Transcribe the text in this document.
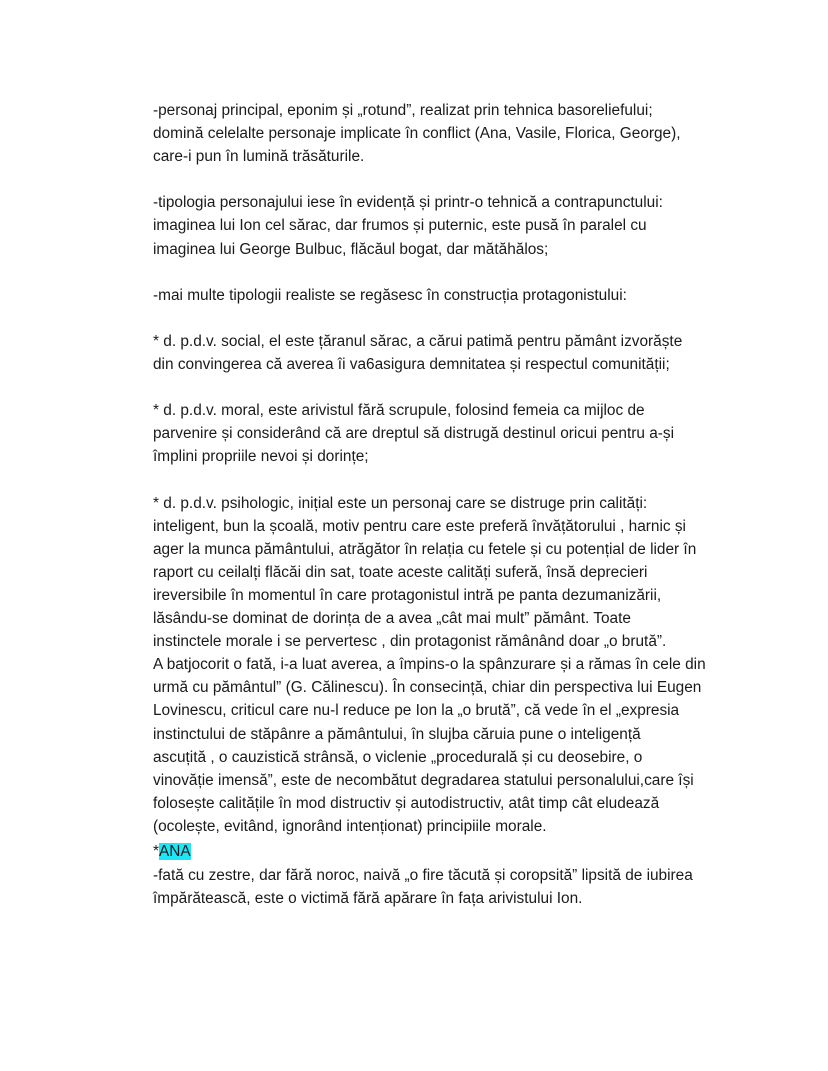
-personaj principal, eponim și „rotund”, realizat prin tehnica basoreliefului;
domină celelalte personaje implicate în conflict (Ana, Vasile, Florica, George),
care-i pun în lumină trăsăturile.
-tipologia personajului iese în evidență și printr-o tehnică a contrapunctului:
imaginea lui Ion cel sărac, dar frumos și puternic, este pusă în paralel cu
imaginea lui George Bulbuc, flăcăul bogat, dar mătăhălos;
-mai multe tipologii realiste se regăsesc în construcția protagonistului:
* d. p.d.v. social, el este țăranul sărac, a cărui patimă pentru pământ izvorăște
din convingerea că averea îi va6asigura demnitatea și respectul comunității;
* d. p.d.v. moral, este arivistul fără scrupule, folosind femeia ca mijloc de
parvenire și considerând că are dreptul să distrugă destinul oricui pentru a-și
împlini propriile nevoi și dorințe;
* d. p.d.v. psihologic, inițial este un personaj care se distruge prin calități:
inteligent, bun la școală, motiv pentru care este preferă învățătorului , harnic și
ager la munca pământului, atrăgător în relația cu fetele și cu potențial de lider în
raport cu ceilalți flăcăi din sat, toate aceste calități suferă, însă deprecieri
ireversibile în momentul în care protagonistul intră pe panta dezumanizării,
lăsându-se dominat de dorința de a avea „cât mai mult” pământ. Toate
instinctele morale i se pervertesc , din protagonist rămânând doar „o brută”.
A batjocorit o fată, i-a luat averea, a împins-o la spânzurare și a rămas în cele din
urmă cu pământul” (G. Călinescu). În consecință, chiar din perspectiva lui Eugen
Lovinescu, criticul care nu-l reduce pe Ion la „o brută”, că vede în el „expresia
instinctului de stăpânre a pământului, în slujba căruia pune o inteligență
ascuțită , o cauzistică strânsă, o viclenie „procedurală și cu deosebire, o
vinovăție imensă”, este de necombătut degradarea statului personalului,care își
folosește calitățile în mod distructiv și autodistructiv, atât timp cât eludează
(ocolește, evitând, ignorând intenționat) principiile morale.
*ANA
-fată cu zestre, dar fără noroc, naivă „o fire tăcută și coropsită” lipsită de iubirea
împărătească, este o victimă fără apărare în fața arivistului Ion.
